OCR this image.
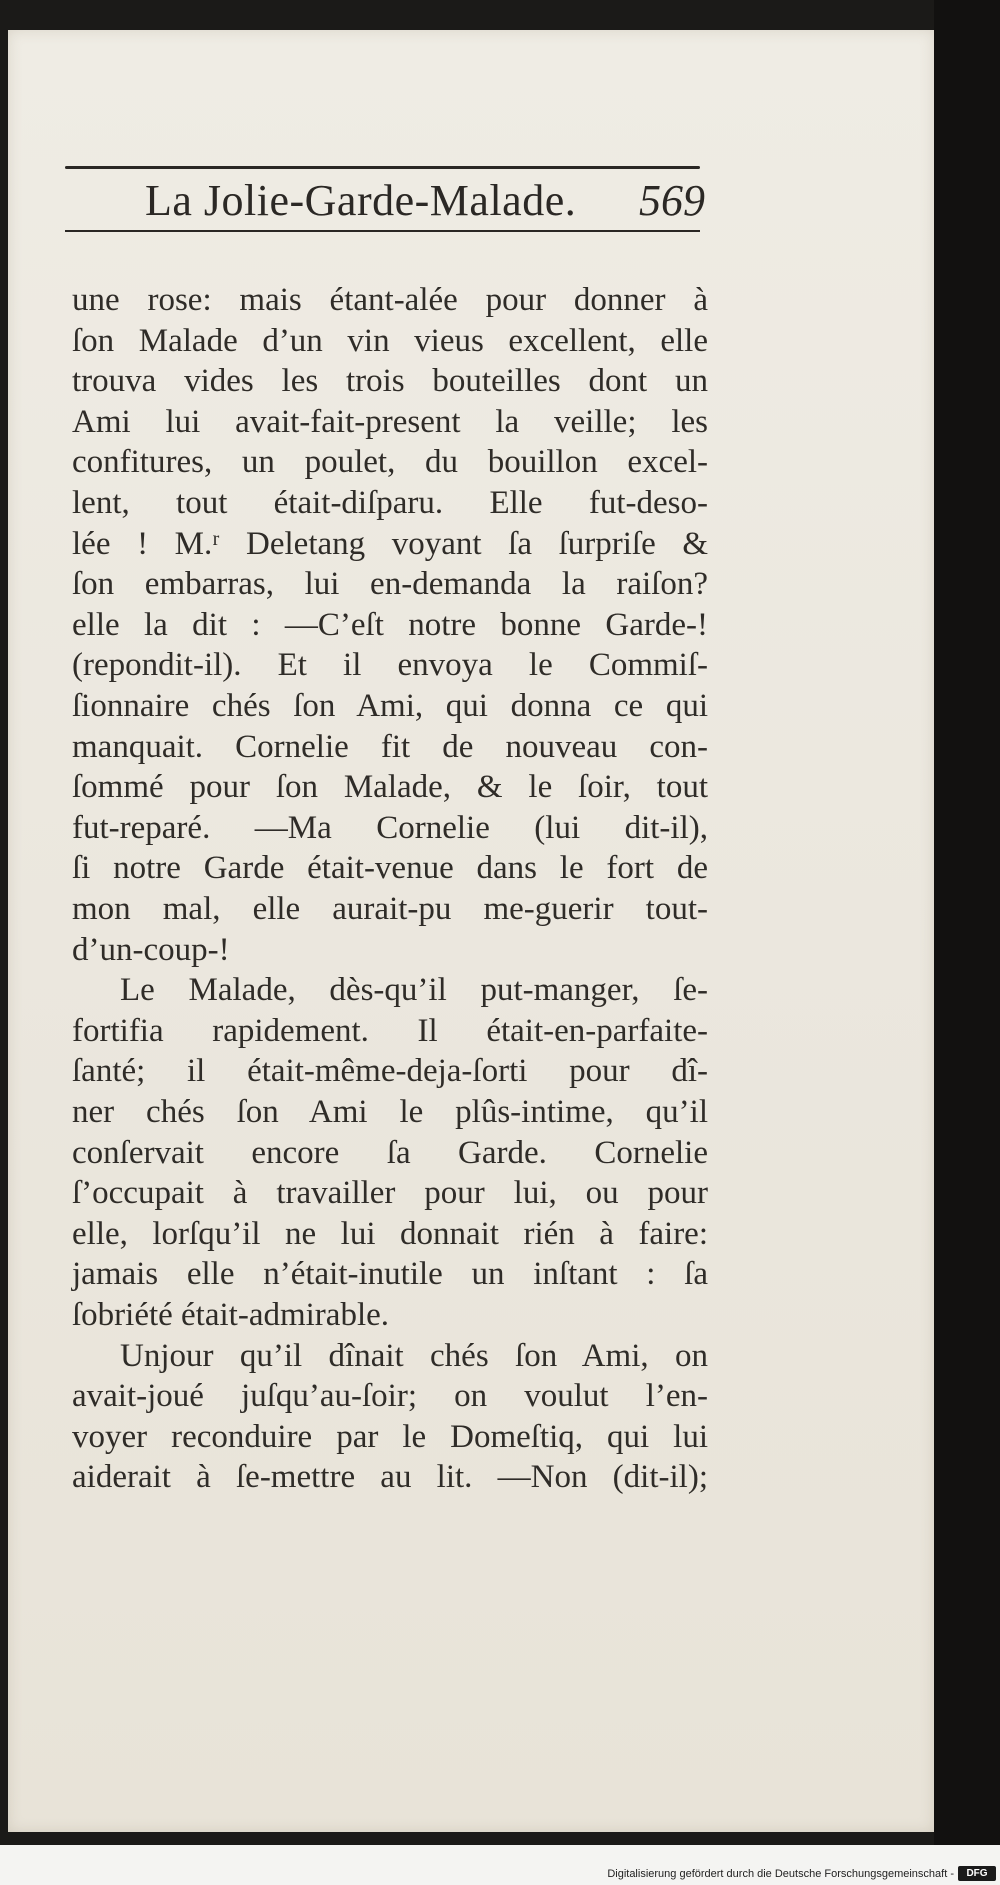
La Jolie-Garde-Malade. 569
une rose: mais étant-alée pour donner à
ſon Malade d’un vin vieus excellent, elle
trouva vides les trois bouteilles dont un
Ami lui avait-fait-present la veille; les
confitures, un poulet, du bouillon excel-
lent, tout était-diſparu. Elle fut-deso-
lée ! M.ʳ Deletang voyant ſa ſurpriſe &
ſon embarras, lui en-demanda la raiſon?
elle la dit : —C’eſt notre bonne Garde-!
(repondit-il). Et il envoya le Commiſ-
ſionnaire chés ſon Ami, qui donna ce qui
manquait. Cornelie fit de nouveau con-
ſommé pour ſon Malade, & le ſoir, tout
fut-reparé. —Ma Cornelie (lui dit-il),
ſi notre Garde était-venue dans le fort de
mon mal, elle aurait-pu me-guerir tout-
d’un-coup-!
Le Malade, dès-qu’il put-manger, ſe-
fortifia rapidement. Il était-en-parfaite-
ſanté; il était-même-deja-ſorti pour dî-
ner chés ſon Ami le plûs-intime, qu’il
conſervait encore ſa Garde. Cornelie
ſ’occupait à travailler pour lui, ou pour
elle, lorſqu’il ne lui donnait rién à faire:
jamais elle n’était-inutile un inſtant : ſa
ſobriété était-admirable.
Unjour qu’il dînait chés ſon Ami, on
avait-joué juſqu’au-ſoir; on voulut l’en-
voyer reconduire par le Domeſtiq, qui lui
aiderait à ſe-mettre au lit. —Non (dit-il);
Digitalisierung gefördert durch die Deutsche Forschungsgemeinschaft -	DFG
